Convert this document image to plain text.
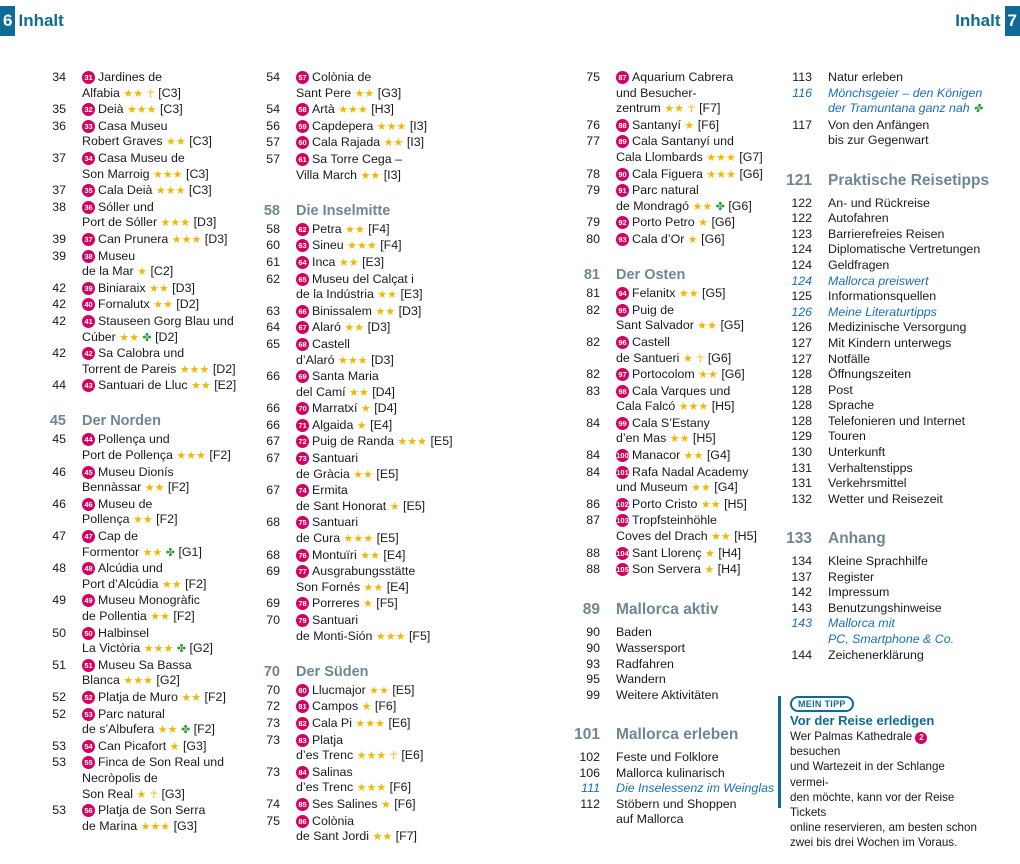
6 Inhalt	Inhalt 7
34	31 Jardines de
Alfabia ★★ ☥ [C3]
35	32 Deià ★★★ [C3]
36	33 Casa Museu
Robert Graves ★★ [C3]
37	34 Casa Museu de
Son Marroig ★★★ [C3]
37	35 Cala Deià ★★★ [C3]
38	36 Sóller und
Port de Sóller ★★★ [D3]
39	37 Can Prunera ★★★ [D3]
39	38 Museu
de la Mar ★ [C2]
42	39 Biniaraix ★★ [D3]
42	40 Fornalutx ★★ [D2]
42	41 Stauseen Gorg Blau und
Cúber ★★ ✤ [D2]
42	42 Sa Calobra und
Torrent de Pareis ★★★ [D2]
44	43 Santuari de Lluc ★★ [E2]
45	Der Norden
45	44 Pollença und
Port de Pollença ★★★ [F2]
46	45 Museu Dionís
Bennàssar ★★ [F2]
46	46 Museu de
Pollença ★★ [F2]
47	47 Cap de
Formentor ★★ ✤ [G1]
48	48 Alcúdia und
Port d’Alcúdia ★★ [F2]
49	49 Museu Monogràfic
de Pollentia ★★ [F2]
50	50 Halbinsel
La Victòria ★★★ ✤ [G2]
51	51 Museu Sa Bassa
Blanca ★★★ [G2]
52	52 Platja de Muro ★★ [F2]
52	53 Parc natural
de s’Albufera ★★ ✤ [F2]
53	54 Can Picafort ★ [G3]
53	55 Finca de Son Real und
Necròpolis de
Son Real ★ ☥ [G3]
53	56 Platja de Son Serra
de Marina ★★★ [G3]
54	57 Colònia de
Sant Pere ★★ [G3]
54	58 Artà ★★★ [H3]
56	59 Capdepera ★★★ [I3]
57	60 Cala Rajada ★★ [I3]
57	61 Sa Torre Cega –
Villa March ★★ [I3]
58	Die Inselmitte
58	62 Petra ★★ [F4]
60	63 Sineu ★★★ [F4]
61	64 Inca ★★ [E3]
62	65 Museu del Calçat i
de la Indústria ★★ [E3]
63	66 Binissalem ★★ [D3]
64	67 Alaró ★★ [D3]
65	68 Castell
d’Alaró ★★★ [D3]
66	69 Santa Maria
del Camí ★★ [D4]
66	70 Marratxí ★ [D4]
66	71 Algaida ★ [E4]
67	72 Puig de Randa ★★★ [E5]
67	73 Santuari
de Gràcia ★★ [E5]
67	74 Ermita
de Sant Honorat ★ [E5]
68	75 Santuari
de Cura ★★★ [E5]
68	76 Montuïri ★★ [E4]
69	77 Ausgrabungsstätte
Son Fornés ★★ [E4]
69	78 Porreres ★ [F5]
70	79 Santuari
de Monti-Sión ★★★ [F5]
70	Der Süden
70	80 Llucmajor ★★ [E5]
72	81 Campos ★ [F6]
73	82 Cala Pi ★★★ [E6]
73	83 Platja
d’es Trenc ★★★ ☥ [E6]
73	84 Salinas
d’es Trenc ★★★ [F6]
74	85 Ses Salines ★ [F6]
75	86 Colònia
de Sant Jordi ★★ [F7]
75	87 Aquarium Cabrera
und Besucher-
zentrum ★★ ☥ [F7]
76	88 Santanyí ★ [F6]
77	89 Cala Santanyí und
Cala Llombards ★★★ [G7]
78	90 Cala Figuera ★★★ [G6]
79	91 Parc natural
de Mondragó ★★ ✤ [G6]
79	92 Porto Petro ★ [G6]
80	93 Cala d’Or ★ [G6]
81	Der Osten
81	94 Felanitx ★★ [G5]
82	95 Puig de
Sant Salvador ★★ [G5]
82	96 Castell
de Santueri ★ ☥ [G6]
82	97 Portocolom ★★ [G6]
83	98 Cala Varques und
Cala Falcó ★★★ [H5]
84	99 Cala S’Estany
d’en Mas ★★ [H5]
84	100 Manacor ★★ [G4]
84	101 Rafa Nadal Academy
und Museum ★★ [G4]
86	102 Porto Cristo ★★ [H5]
87	103 Tropfsteinhöhle
Coves del Drach ★★ [H5]
88	104 Sant Llorenç ★ [H4]
88	105 Son Servera ★ [H4]
89	Mallorca aktiv
90	Baden
90	Wassersport
93	Radfahren
95	Wandern
99	Weitere Aktivitäten
101	Mallorca erleben
102	Feste und Folklore
106	Mallorca kulinarisch
111	Die Inselessenz im Weinglas
112	Stöbern und Shoppen
auf Mallorca
113	Natur erleben
116	Mönchsgeier – den Königen
der Tramuntana ganz nah ✤
117	Von den Anfängen
bis zur Gegenwart
121	Praktische Reisetipps
122	An- und Rückreise
122	Autofahren
123	Barrierefreies Reisen
124	Diplomatische Vertretungen
124	Geldfragen
124	Mallorca preiswert
125	Informationsquellen
126	Meine Literaturtipps
126	Medizinische Versorgung
127	Mit Kindern unterwegs
127	Notfälle
128	Öffnungszeiten
128	Post
128	Sprache
128	Telefonieren und Internet
129	Touren
130	Unterkunft
131	Verhaltenstipps
131	Verkehrsmittel
132	Wetter und Reisezeit
133	Anhang
134	Kleine Sprachhilfe
137	Register
142	Impressum
143	Benutzungshinweise
143	Mallorca mit
PC, Smartphone & Co.
144	Zeichenerklärung
MEIN TIPP
Vor der Reise erledigen
Wer Palmas Kathedrale 2 besuchen
und Wartezeit in der Schlange vermei-
den möchte, kann vor der Reise Tickets
online reservieren, am besten schon
zwei bis drei Wochen im Voraus.
